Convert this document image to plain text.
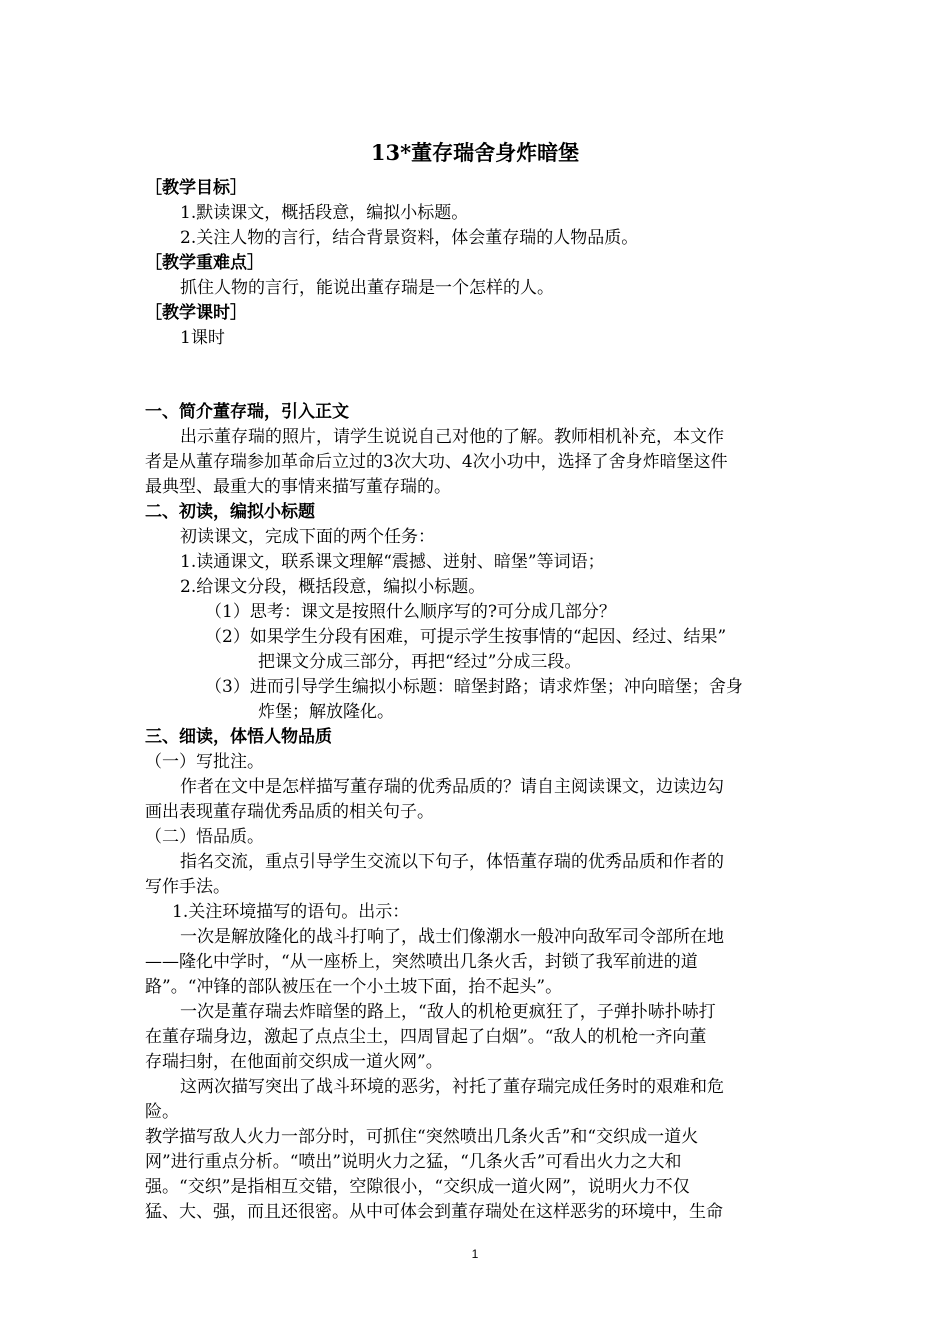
13*董存瑞舍身炸暗堡
［教学目标］
1.默读课文，概括段意，编拟小标题。
2.关注人物的言行，结合背景资料，体会董存瑞的人物品质。
［教学重难点］
抓住人物的言行，能说出董存瑞是一个怎样的人。
［教学课时］
1课时
一、简介董存瑞，引入正文
出示董存瑞的照片，请学生说说自己对他的了解。教师相机补充，本文作
者是从董存瑞参加革命后立过的3次大功、4次小功中，选择了舍身炸暗堡这件
最典型、最重大的事情来描写董存瑞的。
二、初读，编拟小标题
初读课文，完成下面的两个任务：
1.读通课文，联系课文理解“震撼、迸射、暗堡”等词语；
2.给课文分段，概括段意，编拟小标题。
（1）思考：课文是按照什么顺序写的?可分成几部分？
（2）如果学生分段有困难，可提示学生按事情的“起因、经过、结果”
把课文分成三部分，再把“经过”分成三段。
（3）进而引导学生编拟小标题：暗堡封路；请求炸堡；冲向暗堡；舍身
炸堡；解放隆化。
三、细读，体悟人物品质
（一）写批注。
作者在文中是怎样描写董存瑞的优秀品质的？请自主阅读课文，边读边勾
画出表现董存瑞优秀品质的相关句子。
（二）悟品质。
指名交流，重点引导学生交流以下句子，体悟董存瑞的优秀品质和作者的
写作手法。
1.关注环境描写的语句。出示：
一次是解放隆化的战斗打响了，战士们像潮水一般冲向敌军司令部所在地
——隆化中学时，“从一座桥上，突然喷出几条火舌，封锁了我军前进的道
路”。“冲锋的部队被压在一个小土坡下面，抬不起头”。
一次是董存瑞去炸暗堡的路上，“敌人的机枪更疯狂了，子弹扑哧扑哧打
在董存瑞身边，激起了点点尘土，四周冒起了白烟”。“敌人的机枪一齐向董
存瑞扫射，在他面前交织成一道火网”。
这两次描写突出了战斗环境的恶劣，衬托了董存瑞完成任务时的艰难和危
险。
教学描写敌人火力一部分时，可抓住“突然喷出几条火舌”和“交织成一道火
网”进行重点分析。“喷出”说明火力之猛，“几条火舌”可看出火力之大和
强。“交织”是指相互交错，空隙很小，“交织成一道火网”，说明火力不仅
猛、大、强，而且还很密。从中可体会到董存瑞处在这样恶劣的环境中，生命
1
